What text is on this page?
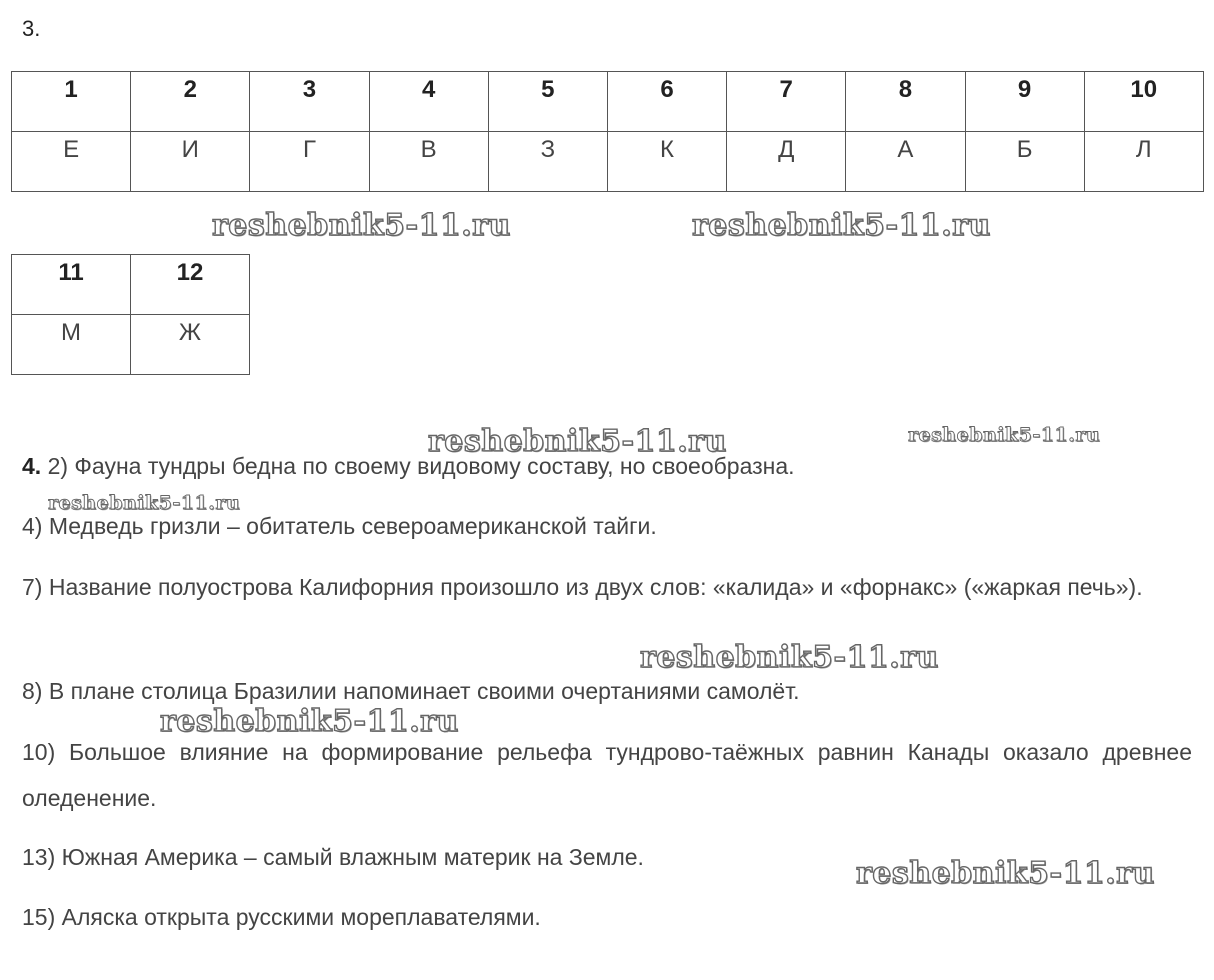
3.
1	2	3	4	5	6	7	8	9	10
Е	И	Г	В	З	К	Д	А	Б	Л
reshebnik5-11.ru	reshebnik5-11.ru
11	12
М	Ж
reshebnik5-11.ru	reshebnik5-11.ru
4. 2) Фауна тундры бедна по своему видовому составу, но своеобразна.
reshebnik5-11.ru
4) Медведь гризли – обитатель североамериканской тайги.
7) Название полуострова Калифорния произошло из двух слов: «калида» и «форнакс» («жаркая печь»).
reshebnik5-11.ru
8) В плане столица Бразилии напоминает своими очертаниями самолёт.
reshebnik5-11.ru
10) Большое влияние на формирование рельефа тундрово-таёжных равнин Канады оказало древнее оледенение.
13) Южная Америка – самый влажным материк на Земле.	reshebnik5-11.ru
15) Аляска открыта русскими мореплавателями.
